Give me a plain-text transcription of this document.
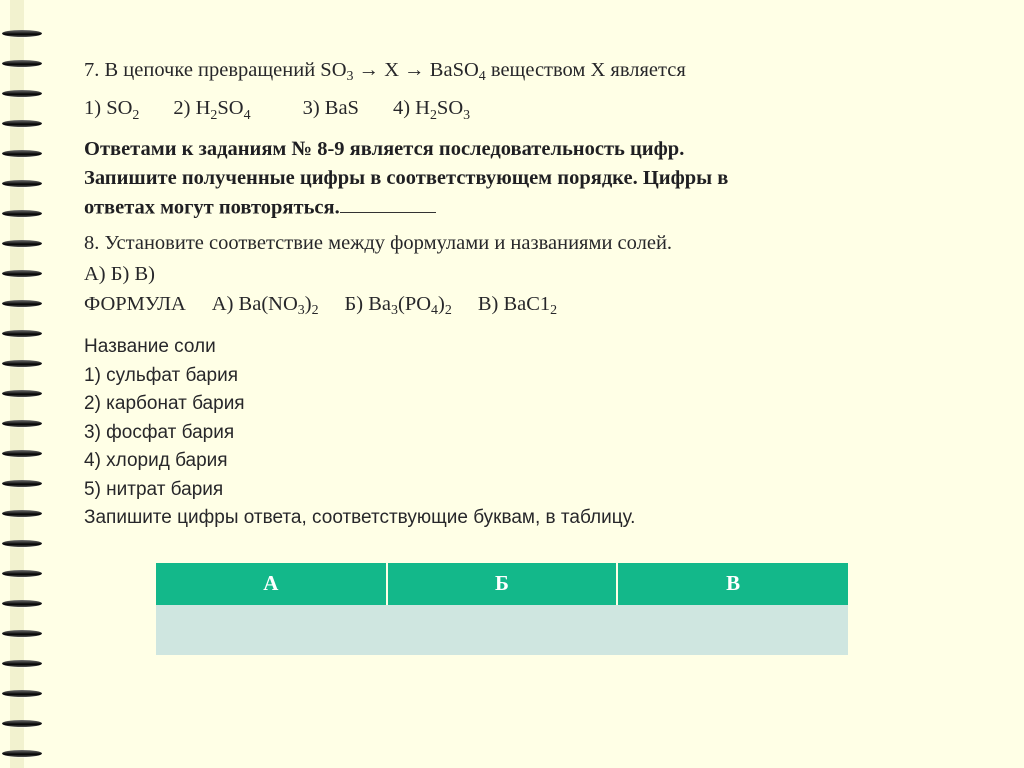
7. В цепочке превращений $SO_3 \to X$ → BaSO$_4$ веществом X является

1) $SO_2$ 2) $H_2SO_4$	3) BaS 4) $H_2SO_3$

Ответами к заданиям № 8-9 является последовательность цифр.

Запишите полученные цифры в соответствующем порядке. Цифры в

ответах могут повторяться.

8. Установите соответствие между формулами и названиями солей.

А) Б) В)

ФОРМУЛА А) $Ba(NO_3)_2$ Б) $Ba_3(PO_4)_2$ В) $BaC1_2$

Название соли

1) сульфат бария

2) карбонат бария

3) фосфат бария

4) хлорид бария

5) нитрат бария

Запишите цифры ответа, соответствующие буквам, в таблицу.

А	Б	В
